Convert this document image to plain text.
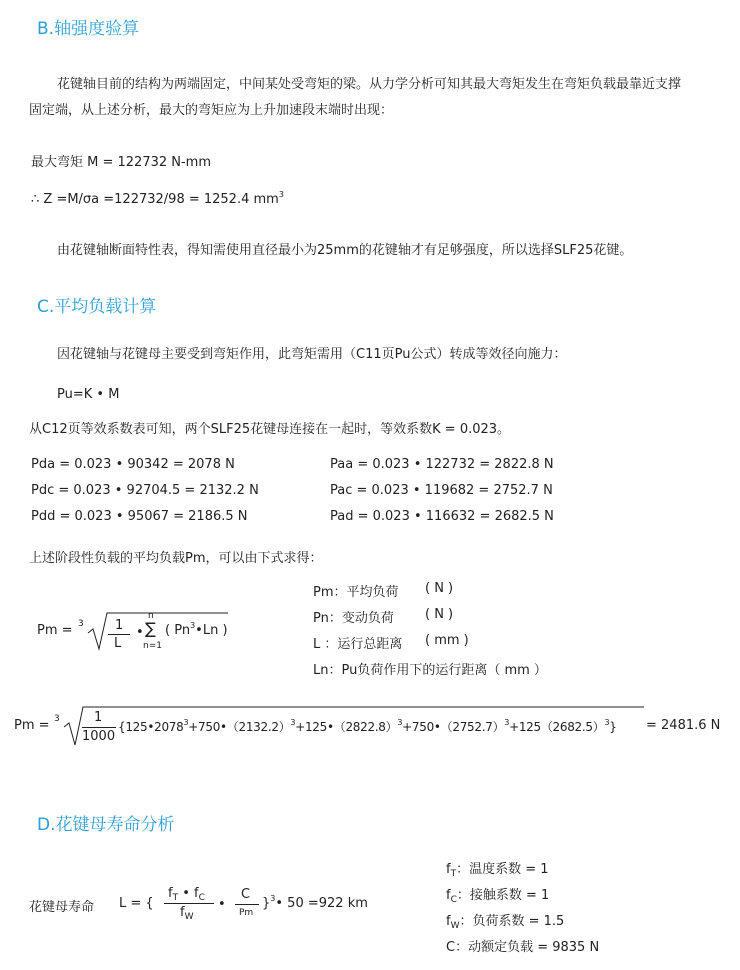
B.轴强度验算
花键轴目前的结构为两端固定，中间某处受弯矩的梁。从力学分析可知其最大弯矩发生在弯矩负载最靠近支撑
固定端，从上述分析，最大的弯矩应为上升加速段末端时出现：
最大弯矩 M = 122732 N-mm
∴ Z =M/σa =122732/98 = 1252.4 $mm^3$
由花键轴断面特性表，得知需使用直径最小为25mm的花键轴才有足够强度，所以选择SLF25花键。
C.平均负载计算
因花键轴与花键母主要受到弯矩作用，此弯矩需用（C11页Pu公式）转成等效径向施力：
Pu=K • M
从C12页等效系数表可知，两个SLF25花键母连接在一起时，等效系数K = 0.023。
Pda = 0.023 • 90342 = 2078 N
Pdc = 0.023 • 92704.5 = 2132.2 N
Pdd = 0.023 • 95067 = 2186.5 N
Paa = 0.023 • 122732 = 2822.8 N
Pac = 0.023 • 119682 = 2752.7 N
Pad = 0.023 • 116632 = 2682.5 N
上述阶段性负载的平均负载Pm，可以由下式求得：
Pm = 3 1
L
•
n
∑
n=1
( Pn$^3$•Ln )
Pm：平均负荷 ( N )
Pn：变动负荷 ( N )
L ：运行总距离 ( mm )
Ln：Pu负荷作用下的运行距离（ mm ）
Pm = 3	1
1000
$\{125•2078^3+750•(2132.2)^3+125•(2822.8)^3+750•(2752.7)^3+125(2682.5)^3\} = 2481.6$ N
D.花键母寿命分析
花键母寿命 L = {
$f_T$ • $f_C$
$f_W$
•
C
Pm
}$^3$• 50 =922 km
$f_T$：温度系数 = 1
$f_C$：接触系数 = 1
$f_W$：负荷系数 = 1.5
C：动额定负载 = 9835 N
